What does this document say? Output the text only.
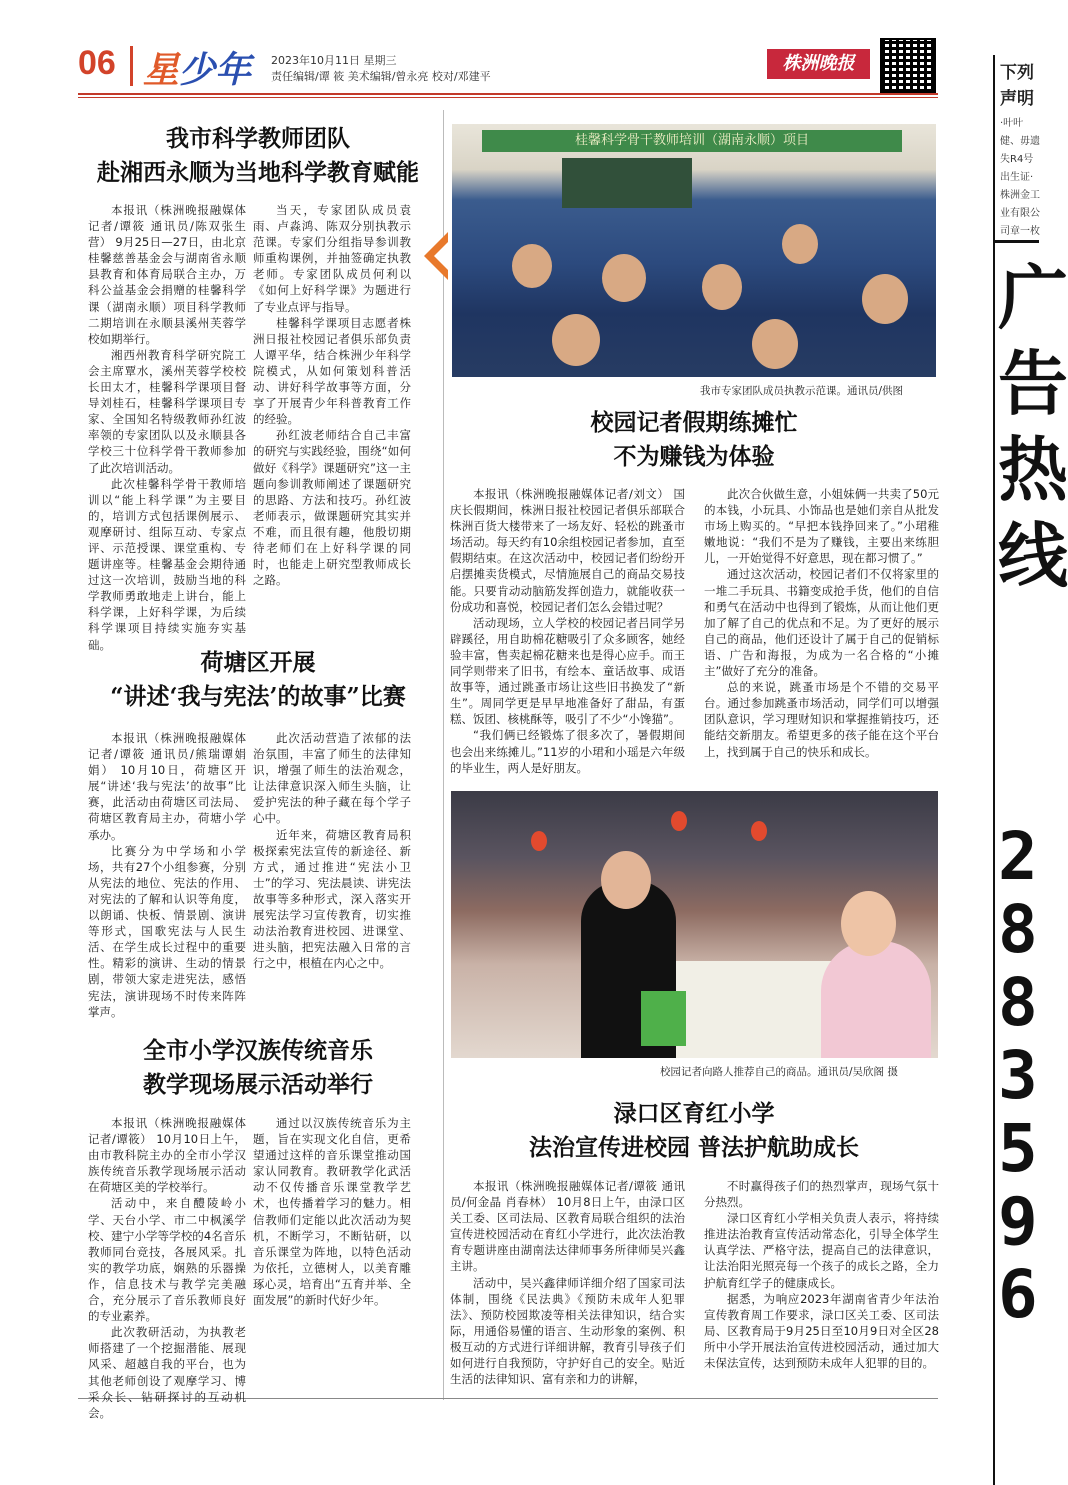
06 星少年 2023年10月11日 星期三
责任编辑/谭 筱 美术编辑/曾永亮 校对/邓建平
株洲晚报	下列声明
·叶叶健、毋遗失R4号出生证·株洲金工业有限公司章一枚
广告热线
2883596
我市科学教师团队
赴湘西永顺为当地科学教育赋能

本报讯（株洲晚报融媒体记者/谭筱 通讯员/陈双张生营） 9月25日—27日，由北京桂馨慈善基金会与湖南省永顺县教育和体育局联合主办，万科公益基金会捐赠的桂馨科学课（湖南永顺）项目科学教师二期培训在永顺县溪州芙蓉学校如期举行。

湘西州教育科学研究院工会主席覃水，溪州芙蓉学校校长田太才，桂馨科学课项目督导刘桂石，桂馨科学课项目专家、全国知名特级教师孙红波率领的专家团队以及永顺县各学校三十位科学骨干教师参加了此次培训活动。

此次桂馨科学骨干教师培训以“能上科学课”为主要目的，培训方式包括课例展示、观摩研讨、组际互动、专家点评、示范授课、课堂重构、专题讲座等。桂馨基金会期待通过这一次培训，鼓励当地的科学教师勇敢地走上讲台，能上科学课，上好科学课，为后续科学课项目持续实施夯实基础。

当天，专家团队成员袁雨、卢淼鸿、陈双分别执教示范课。专家们分组指导参训教师重构课例，并抽签确定执教老师。专家团队成员何利以《如何上好科学课》为题进行了专业点评与指导。

桂馨科学课项目志愿者株洲日报社校园记者俱乐部负责人谭平华，结合株洲少年科学院模式，从如何策划科普活动、讲好科学故事等方面，分享了开展青少年科普教育工作的经验。

孙红波老师结合自己丰富的研究与实践经验，围绕“如何做好《科学》课题研究”这一主题向参训教师阐述了课题研究的思路、方法和技巧。孙红波老师表示，做课题研究其实并不难，而且很有趣，他殷切期待老师们在上好科学课的同时，也能走上研究型教师成长之路。

桂馨科学骨干教师培训（湖南永顺）项目
我市专家团队成员执教示范课。通讯员/供图
校园记者假期练摊忙
不为赚钱为体验

本报讯（株洲晚报融媒体记者/刘文） 国庆长假期间，株洲日报社校园记者俱乐部联合株洲百货大楼带来了一场友好、轻松的跳蚤市场活动。每天约有10余组校园记者参加，直至假期结束。在这次活动中，校园记者们纷纷开启摆摊卖货模式，尽情施展自己的商品交易技能。只要肯动动脑筋发挥创造力，就能收获一份成功和喜悦，校园记者们怎么会错过呢？

活动现场，立人学校的校园记者吕同学另辟蹊径，用自助棉花糖吸引了众多顾客，她经验丰富，售卖起棉花糖来也是得心应手。而王同学则带来了旧书，有绘本、童话故事、成语故事等，通过跳蚤市场让这些旧书换发了“新生”。周同学更是早早地准备好了甜品，有蛋糕、饭团、核桃酥等，吸引了不少“小馋猫”。

“我们俩已经锻炼了很多次了，暑假期间也会出来练摊儿。”11岁的小珺和小瑶是六年级的毕业生，两人是好朋友。

此次合伙做生意，小姐妹俩一共卖了50元的本钱，小玩具、小饰品也是她们亲自从批发市场上购买的。“早把本钱挣回来了。”小珺稚嫩地说：“我们不是为了赚钱，主要出来练胆儿，一开始觉得不好意思，现在都习惯了。”

通过这次活动，校园记者们不仅将家里的一堆二手玩具、书籍变成抢手货，他们的自信和勇气在活动中也得到了锻炼，从而让他们更加了解了自己的优点和不足。为了更好的展示自己的商品，他们还设计了属于自己的促销标语、广告和海报，为成为一名合格的“小摊主”做好了充分的准备。

总的来说，跳蚤市场是个不错的交易平台。通过参加跳蚤市场活动，同学们可以增强团队意识，学习理财知识和掌握推销技巧，还能结交新朋友。希望更多的孩子能在这个平台上，找到属于自己的快乐和成长。

荷塘区开展
“讲述‘我与宪法’的故事”比赛

本报讯（株洲晚报融媒体记者/谭筱 通讯员/熊瑞谭娟娟） 10月10日，荷塘区开展“讲述‘我与宪法’的故事”比赛，此活动由荷塘区司法局、荷塘区教育局主办，荷塘小学承办。

比赛分为中学场和小学场，共有27个小组参赛，分别从宪法的地位、宪法的作用、对宪法的了解和认识等角度，以朗诵、快板、情景剧、演讲等形式，国歌宪法与人民生活、在学生成长过程中的重要性。精彩的演讲、生动的情景剧，带领大家走进宪法，感悟宪法，演讲现场不时传来阵阵掌声。

此次活动营造了浓郁的法治氛围，丰富了师生的法律知识，增强了师生的法治观念，让法律意识深入师生头脑，让爱护宪法的种子藏在每个学子心中。

近年来，荷塘区教育局积极探索宪法宣传的新途径、新方式，通过推进“宪法小卫士”的学习、宪法晨读、讲宪法故事等多种形式，深入落实开展宪法学习宣传教育，切实推动法治教育进校园、进课堂、进头脑，把宪法融入日常的言行之中，根植在内心之中。

校园记者向路人推荐自己的商品。通讯员/吴欣阁 摄
全市小学汉族传统音乐
教学现场展示活动举行

本报讯（株洲晚报融媒体记者/谭筱） 10月10日上午，由市教科院主办的全市小学汉族传统音乐教学现场展示活动在荷塘区美的学校举行。

活动中，来自醴陵岭小学、天台小学、市二中枫溪学校、建宁小学等学校的4名音乐教师同台竞技，各展风采。扎实的教学功底，娴熟的乐器操作，信息技术与教学完美融合，充分展示了音乐教师良好的专业素养。

此次教研活动，为执教老师搭建了一个挖掘潜能、展现风采、超越自我的平台，也为其他老师创设了观摩学习、博采众长、钻研探讨的互动机会。

通过以汉族传统音乐为主题，旨在实现文化自信，更希望通过这样的音乐课堂推动国家认同教育。教研教学化武活动不仅传播音乐课堂教学艺术，也传播着学习的魅力。相信教师们定能以此次活动为契机，不断学习，不断钻研，以音乐课堂为阵地，以特色活动为依托，立德树人，以美育雕琢心灵，培育出“五育并举、全面发展”的新时代好少年。

渌口区育红小学
法治宣传进校园 普法护航助成长

本报讯（株洲晚报融媒体记者/谭筱 通讯员/何金晶 肖春林） 10月8日上午，由渌口区关工委、区司法局、区教育局联合组织的法治宣传进校园活动在育红小学进行，此次法治教育专题讲座由湖南法达律师事务所律师吴兴鑫主讲。

活动中，吴兴鑫律师详细介绍了国家司法体制，围绕《民法典》《预防未成年人犯罪法》、预防校园欺凌等相关法律知识，结合实际，用通俗易懂的语言、生动形象的案例、积极互动的方式进行详细讲解，教育引导孩子们如何进行自我预防，守护好自己的安全。贴近生活的法律知识、富有亲和力的讲解，

不时赢得孩子们的热烈掌声，现场气氛十分热烈。

渌口区育红小学相关负责人表示，将持续推进法治教育宣传活动常态化，引导全体学生认真学法、严格守法，提高自己的法律意识，让法治阳光照亮每一个孩子的成长之路，全力护航育红学子的健康成长。

据悉，为响应2023年湖南省青少年法治宣传教育周工作要求，渌口区关工委、区司法局、区教育局于9月25日至10月9日对全区28所中小学开展法治宣传进校园活动，通过加大未保法宣传，达到预防未成年人犯罪的目的。
